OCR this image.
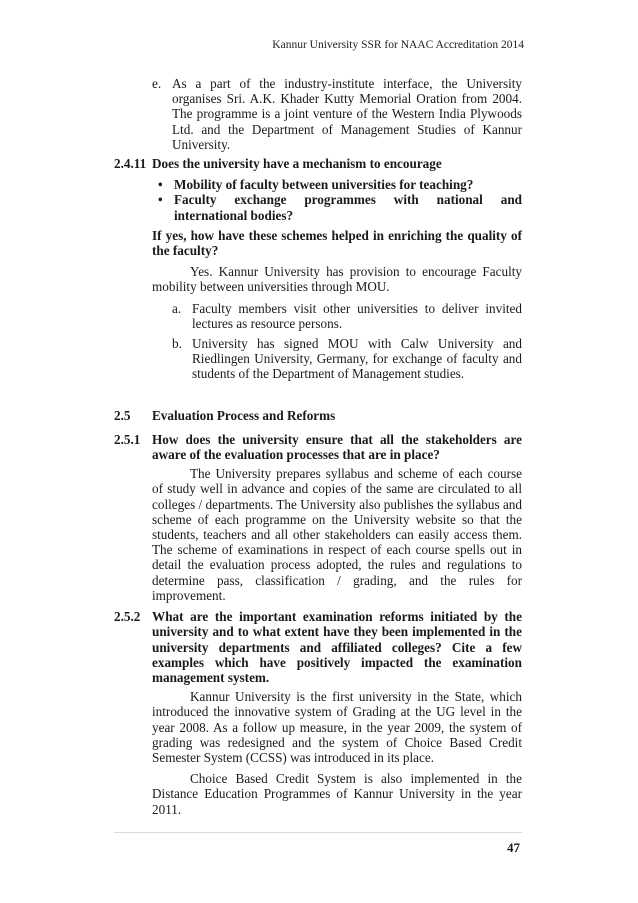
Kannur University SSR for NAAC Accreditation 2014
e. As a part of the industry-institute interface, the University organises Sri. A.K. Khader Kutty Memorial Oration from 2004. The programme is a joint venture of the Western India Plywoods Ltd. and the Department of Management Studies of Kannur University.
2.4.11 Does the university have a mechanism to encourage
• Mobility of faculty between universities for teaching?
• Faculty exchange programmes with national and international bodies?

If yes, how have these schemes helped in enriching the quality of the faculty?

Yes. Kannur University has provision to encourage Faculty mobility between universities through MOU.

a. Faculty members visit other universities to deliver invited lectures as resource persons.
b. University has signed MOU with Calw University and Riedlingen University, Germany, for exchange of faculty and students of the Department of Management studies.
2.5	Evaluation Process and Reforms
2.5.1 How does the university ensure that all the stakeholders are aware of the evaluation processes that are in place?

The University prepares syllabus and scheme of each course of study well in advance and copies of the same are circulated to all colleges / departments. The University also publishes the syllabus and scheme of each programme on the University website so that the students, teachers and all other stakeholders can easily access them. The scheme of examinations in respect of each course spells out in detail the evaluation process adopted, the rules and regulations to determine pass, classification / grading, and the rules for improvement.

2.5.2 What are the important examination reforms initiated by the university and to what extent have they been implemented in the university departments and affiliated colleges? Cite a few examples which have positively impacted the examination management system.

Kannur University is the first university in the State, which introduced the innovative system of Grading at the UG level in the year 2008. As a follow up measure, in the year 2009, the system of grading was redesigned and the system of Choice Based Credit Semester System (CCSS) was introduced in its place.

Choice Based Credit System is also implemented in the Distance Education Programmes of Kannur University in the year 2011.

47
